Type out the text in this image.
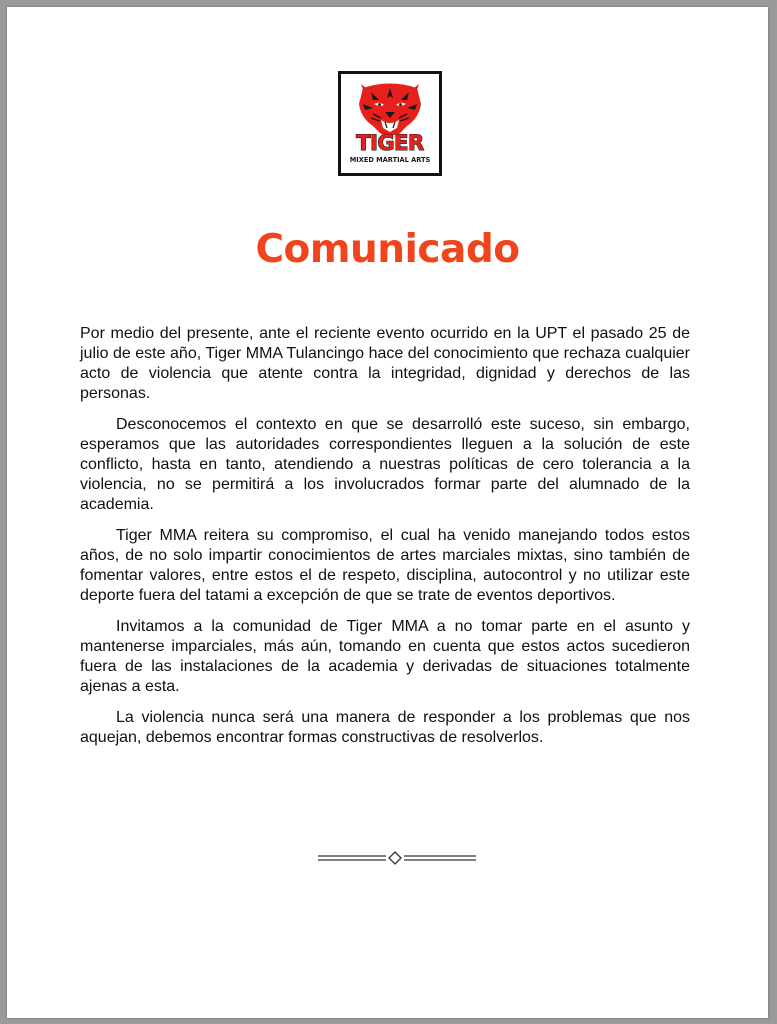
TIGER
MIXED MARTIAL ARTS
Comunicado

Por medio del presente, ante el reciente evento ocurrido en la UPT el pasado 25 de julio de este año, Tiger MMA Tulancingo hace del conocimiento que rechaza cualquier acto de violencia que atente contra la integridad, dignidad y derechos de las personas.

Desconocemos el contexto en que se desarrolló este suceso, sin embargo, esperamos que las autoridades correspondientes lleguen a la solución de este conflicto, hasta en tanto, atendiendo a nuestras políticas de cero tolerancia a la violencia, no se permitirá a los involucrados formar parte del alumnado de la academia.

Tiger MMA reitera su compromiso, el cual ha venido manejando todos estos años, de no solo impartir conocimientos de artes marciales mixtas, sino también de fomentar valores, entre estos el de respeto, disciplina, autocontrol y no utilizar este deporte fuera del tatami a excepción de que se trate de eventos deportivos.

Invitamos a la comunidad de Tiger MMA a no tomar parte en el asunto y mantenerse imparciales, más aún, tomando en cuenta que estos actos sucedieron fuera de las instalaciones de la academia y derivadas de situaciones totalmente ajenas a esta.

La violencia nunca será una manera de responder a los problemas que nos aquejan, debemos encontrar formas constructivas de resolverlos.
